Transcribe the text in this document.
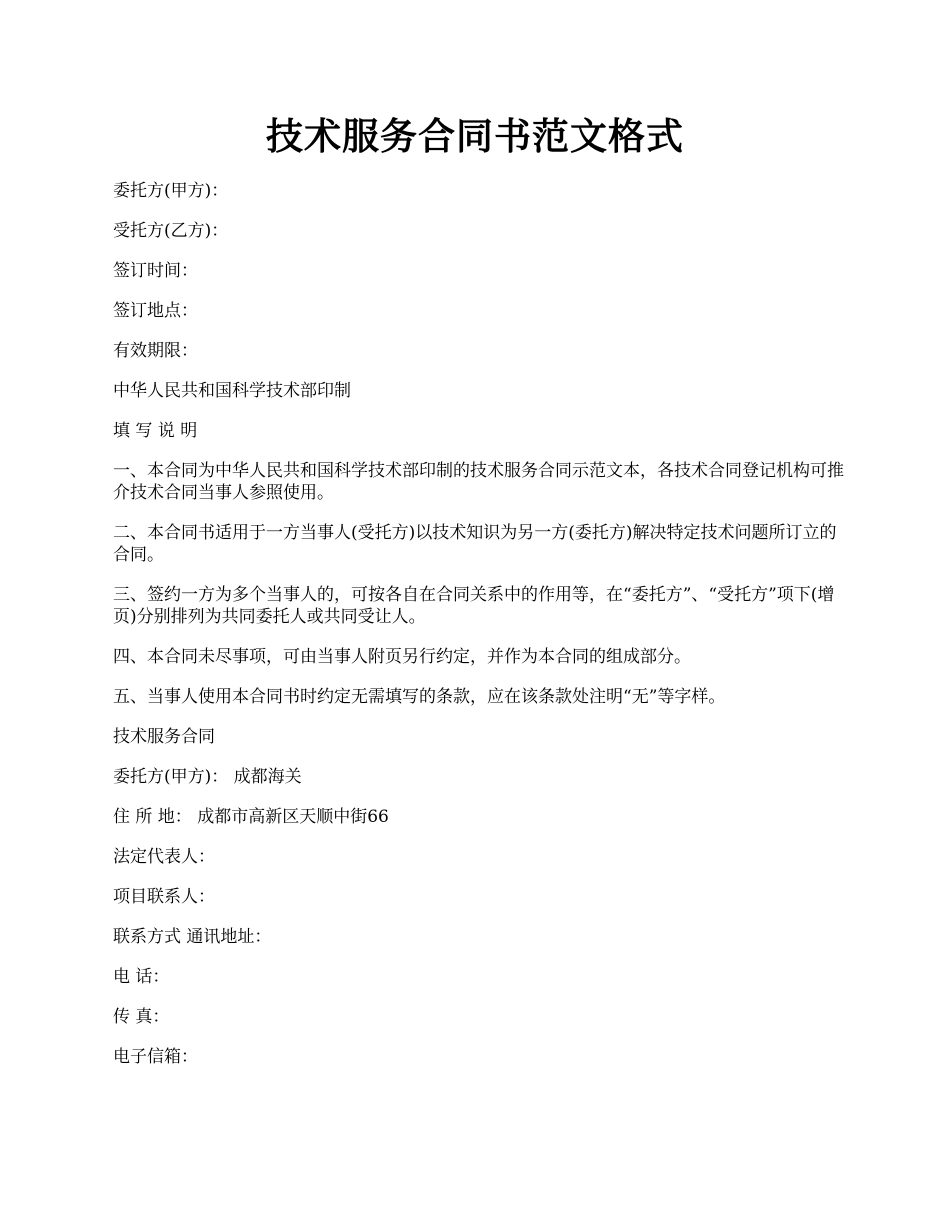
技术服务合同书范文格式

委托方(甲方)：

受托方(乙方)：

签订时间：

签订地点：

有效期限：

中华人民共和国科学技术部印制

填 写 说 明

一、本合同为中华人民共和国科学技术部印制的技术服务合同示范文本，各技术合同登记机构可推介技术合同当事人参照使用。

二、本合同书适用于一方当事人(受托方)以技术知识为另一方(委托方)解决特定技术问题所订立的合同。

三、签约一方为多个当事人的，可按各自在合同关系中的作用等，在“委托方”、“受托方”项下(增页)分别排列为共同委托人或共同受让人。

四、本合同未尽事项，可由当事人附页另行约定，并作为本合同的组成部分。

五、当事人使用本合同书时约定无需填写的条款，应在该条款处注明“无”等字样。

技术服务合同

委托方(甲方)： 成都海关

住 所 地： 成都市高新区天顺中街66

法定代表人：

项目联系人：

联系方式 通讯地址：

电 话：

传 真：

电子信箱：
